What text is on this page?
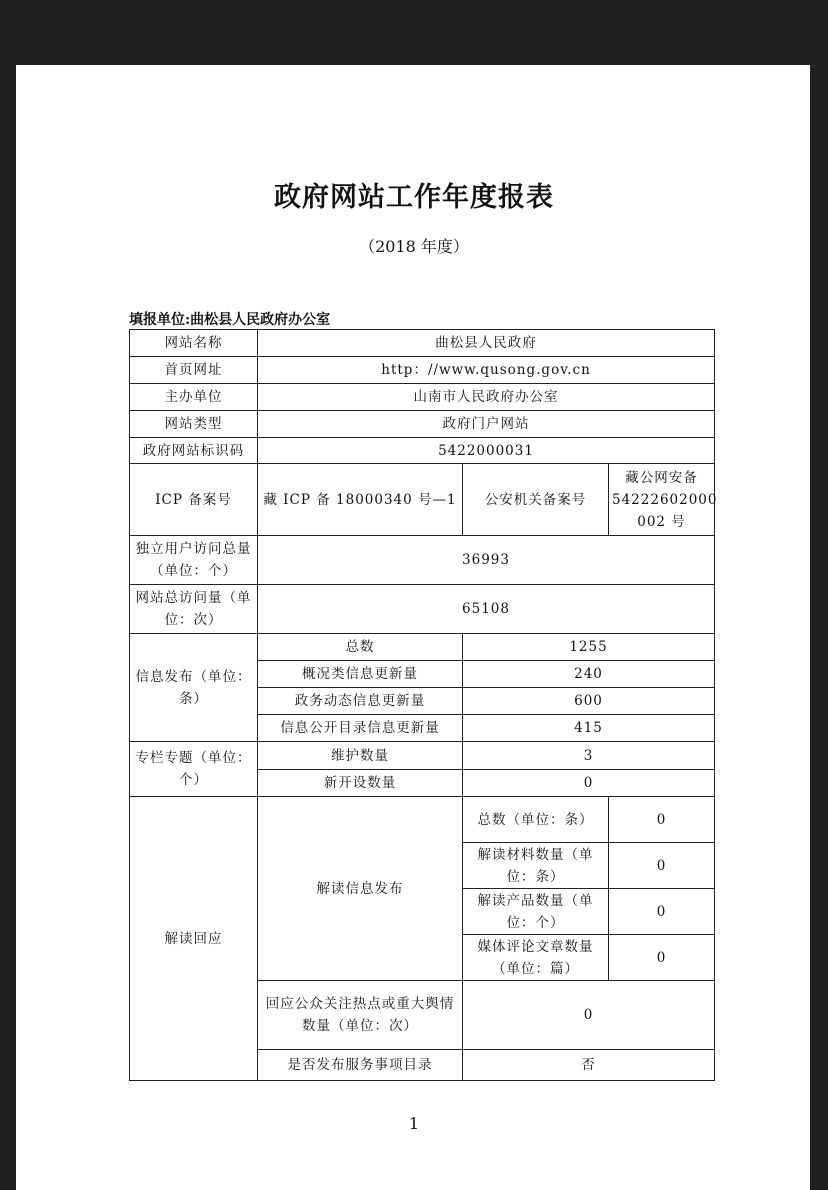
政府网站工作年度报表
（2018 年度）
填报单位:曲松县人民政府办公室
网站名称	曲松县人民政府		
首页网址	http：//www.qusong.gov.cn		
主办单位	山南市人民政府办公室		
网站类型	政府门户网站		
政府网站标识码	5422000031		
ICP 备案号	藏 ICP 备 18000340 号—1	公安机关备案号	藏公网安备 54222602000 002 号
独立用户访问总量（单位：个）	36993		
网站总访问量（单位：次）	65108		
信息发布（单位：条）	总数	1255	
	概况类信息更新量	240	
	政务动态信息更新量	600	
	信息公开目录信息更新量	415	
专栏专题（单位：个）	维护数量	3	
	新开设数量	0	
解读回应	解读信息发布	总数（单位：条）	0
		解读材料数量（单位：条）	0
		解读产品数量（单位：个）	0
		媒体评论文章数量（单位：篇）	0
	回应公众关注热点或重大舆情数量（单位：次）	0	
	是否发布服务事项目录	否	
1
